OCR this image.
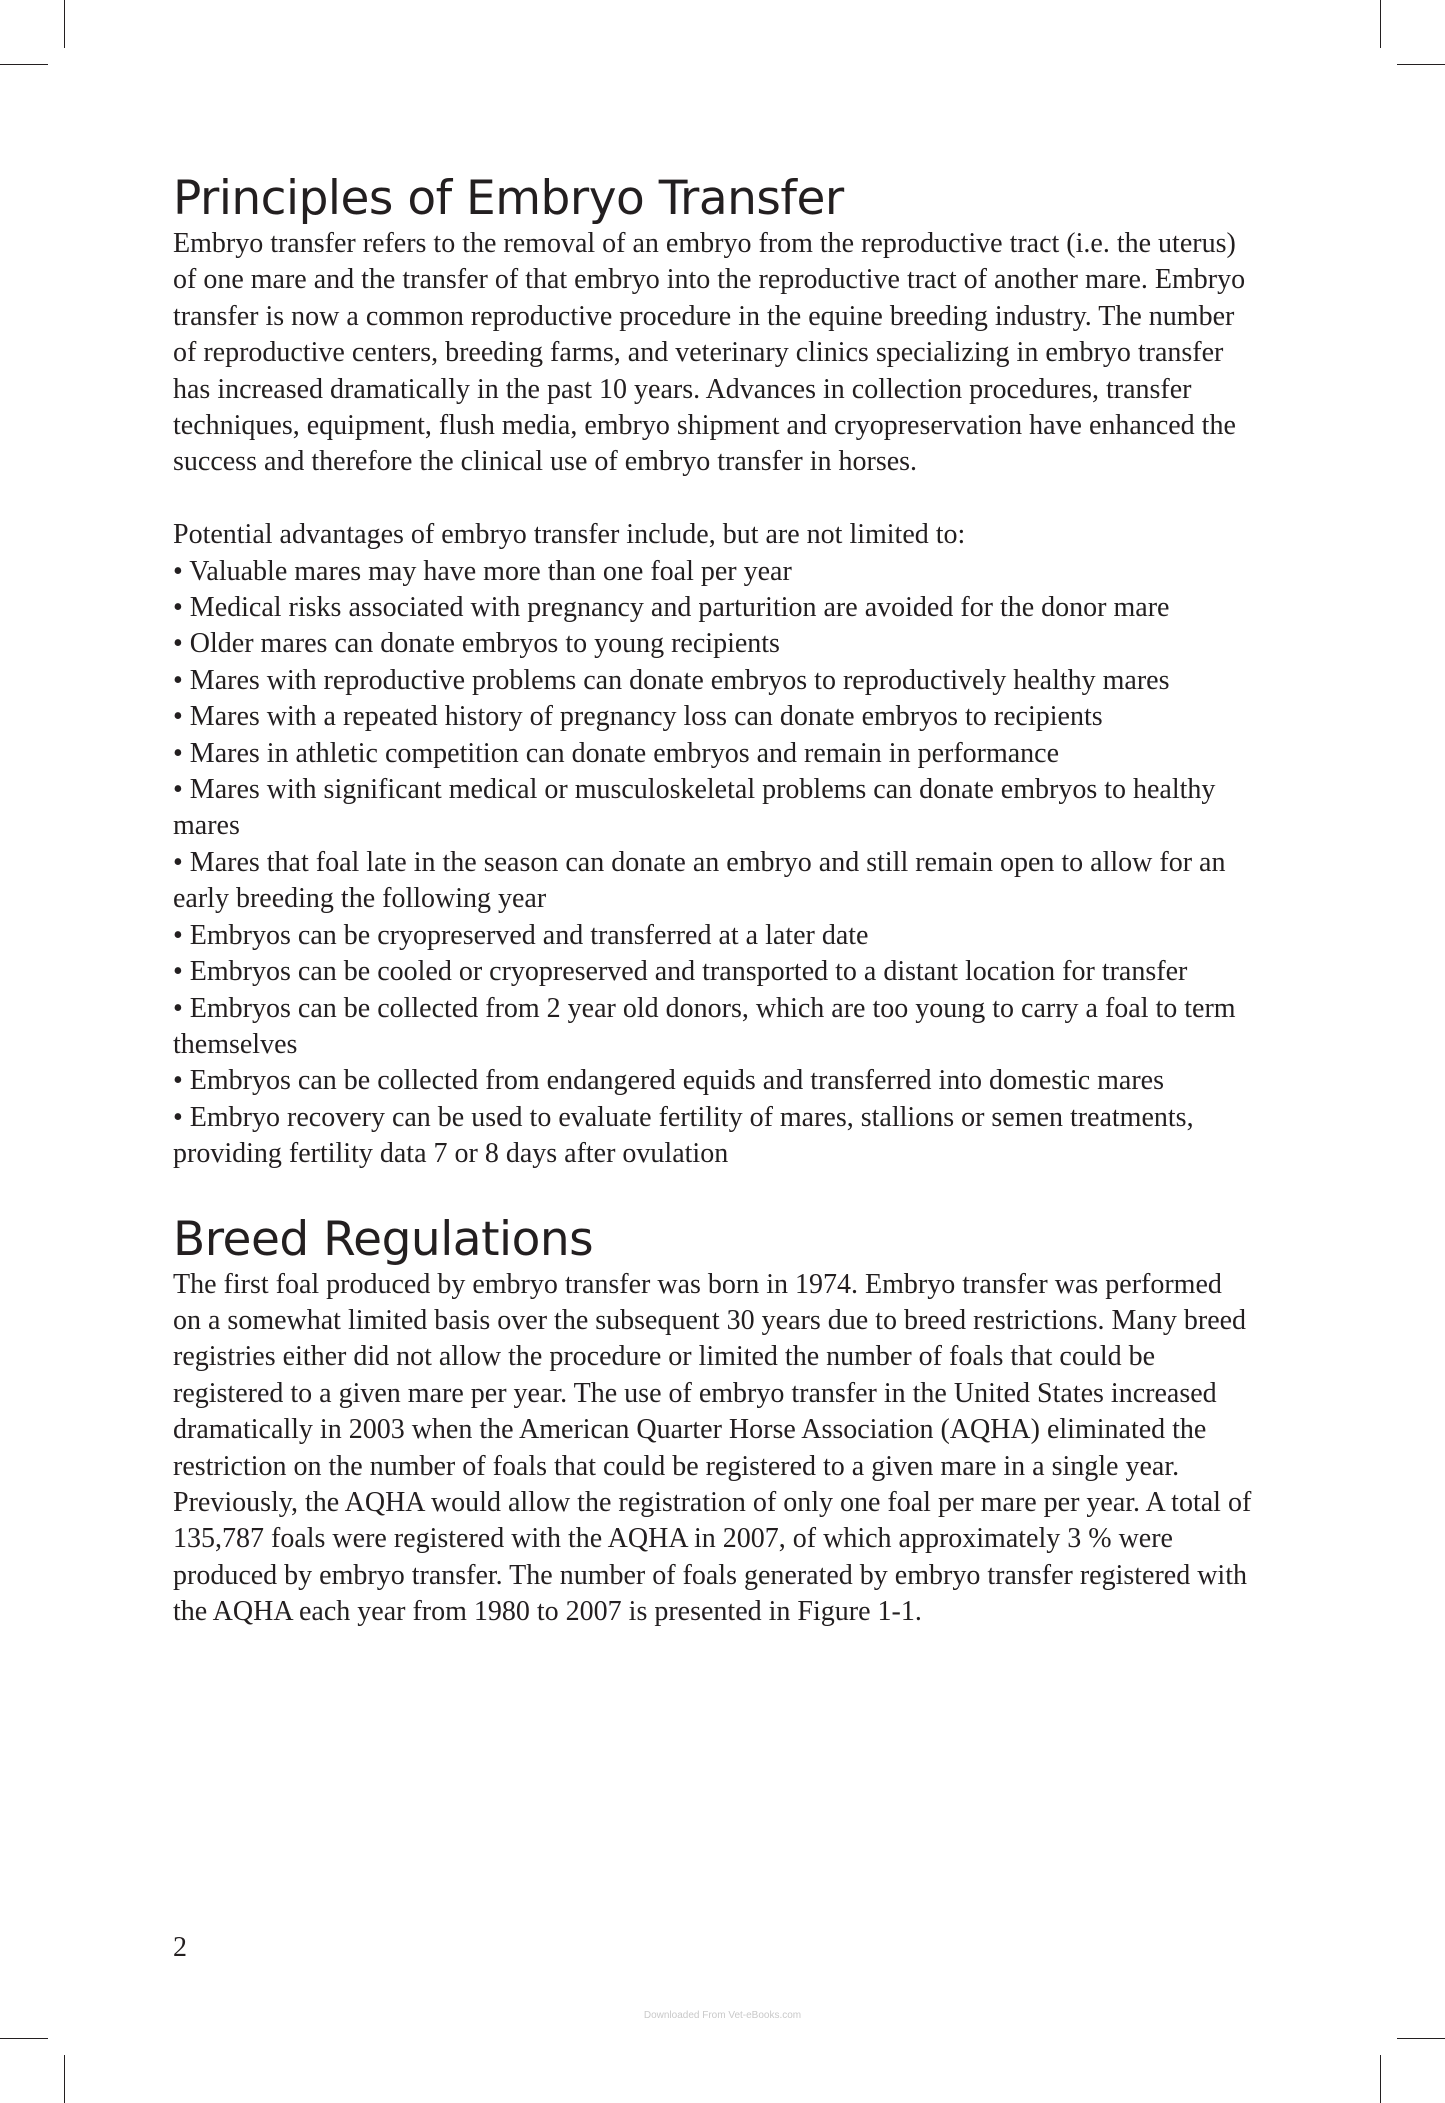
Principles of Embryo Transfer

Embryo transfer refers to the removal of an embryo from the reproductive tract (i.e. the uterus) of one mare and the transfer of that embryo into the reproductive tract of another mare. Embryo transfer is now a common reproductive procedure in the equine breeding industry. The number of reproductive centers, breeding farms, and veterinary clinics specializing in embryo transfer has increased dramatically in the past 10 years. Advances in collection procedures, transfer techniques, equipment, flush media, embryo shipment and cryopreservation have enhanced the success and therefore the clinical use of embryo transfer in horses.

Potential advantages of embryo transfer include, but are not limited to:

• Valuable mares may have more than one foal per year
• Medical risks associated with pregnancy and parturition are avoided for the donor mare
• Older mares can donate embryos to young recipients
• Mares with reproductive problems can donate embryos to reproductively healthy mares
• Mares with a repeated history of pregnancy loss can donate embryos to recipients
• Mares in athletic competition can donate embryos and remain in performance
• Mares with significant medical or musculoskeletal problems can donate embryos to healthy mares
• Mares that foal late in the season can donate an embryo and still remain open to allow for an early breeding the following year
• Embryos can be cryopreserved and transferred at a later date
• Embryos can be cooled or cryopreserved and transported to a distant location for transfer
• Embryos can be collected from 2 year old donors, which are too young to carry a foal to term themselves
• Embryos can be collected from endangered equids and transferred into domestic mares
• Embryo recovery can be used to evaluate fertility of mares, stallions or semen treatments, providing fertility data 7 or 8 days after ovulation
Breed Regulations

The first foal produced by embryo transfer was born in 1974. Embryo transfer was performed on a somewhat limited basis over the subsequent 30 years due to breed restrictions. Many breed registries either did not allow the procedure or limited the number of foals that could be registered to a given mare per year. The use of embryo transfer in the United States increased dramatically in 2003 when the American Quarter Horse Association (AQHA) eliminated the restriction on the number of foals that could be registered to a given mare in a single year. Previously, the AQHA would allow the registration of only one foal per mare per year. A total of 135,787 foals were registered with the AQHA in 2007, of which approximately 3 % were produced by embryo transfer. The number of foals generated by embryo transfer registered with the AQHA each year from 1980 to 2007 is presented in Figure 1-1.

2
Downloaded From Vet-eBooks.com
